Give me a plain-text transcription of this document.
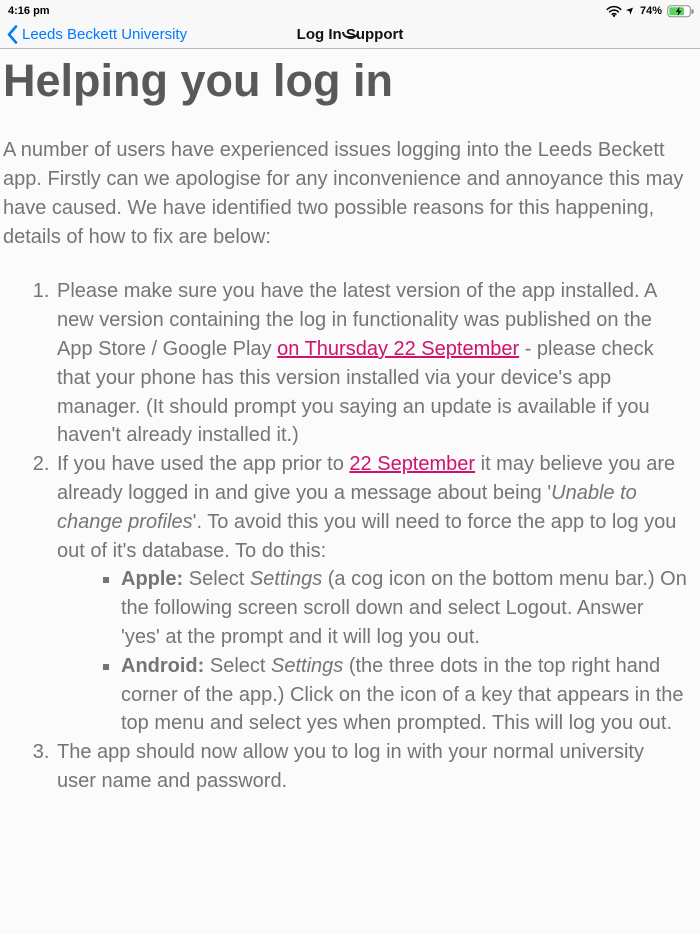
4:16 pm	➤ 74%
Leeds Beckett University	Log In Support
Helping you log in

A number of users have experienced issues logging into the Leeds Beckett app. Firstly can we apologise for any inconvenience and annoyance this may have caused. We have identified two possible reasons for this happening, details of how to fix are below:

1. Please make sure you have the latest version of the app installed. A new version containing the log in functionality was published on the App Store / Google Play on Thursday 22 September - please check that your phone has this version installed via your device's app manager. (It should prompt you saying an update is available if you haven't already installed it.)
2. If you have used the app prior to 22 September it may believe you are already logged in and give you a message about being 'Unable to change profiles'. To avoid this you will need to force the app to log you out of it's database. To do this:
▪ Apple: Select Settings (a cog icon on the bottom menu bar.) On the following screen scroll down and select Logout. Answer 'yes' at the prompt and it will log you out.
▪ Android: Select Settings (the three dots in the top right hand corner of the app.) Click on the icon of a key that appears in the top menu and select yes when prompted. This will log you out.
3. The app should now allow you to log in with your normal university user name and password.
